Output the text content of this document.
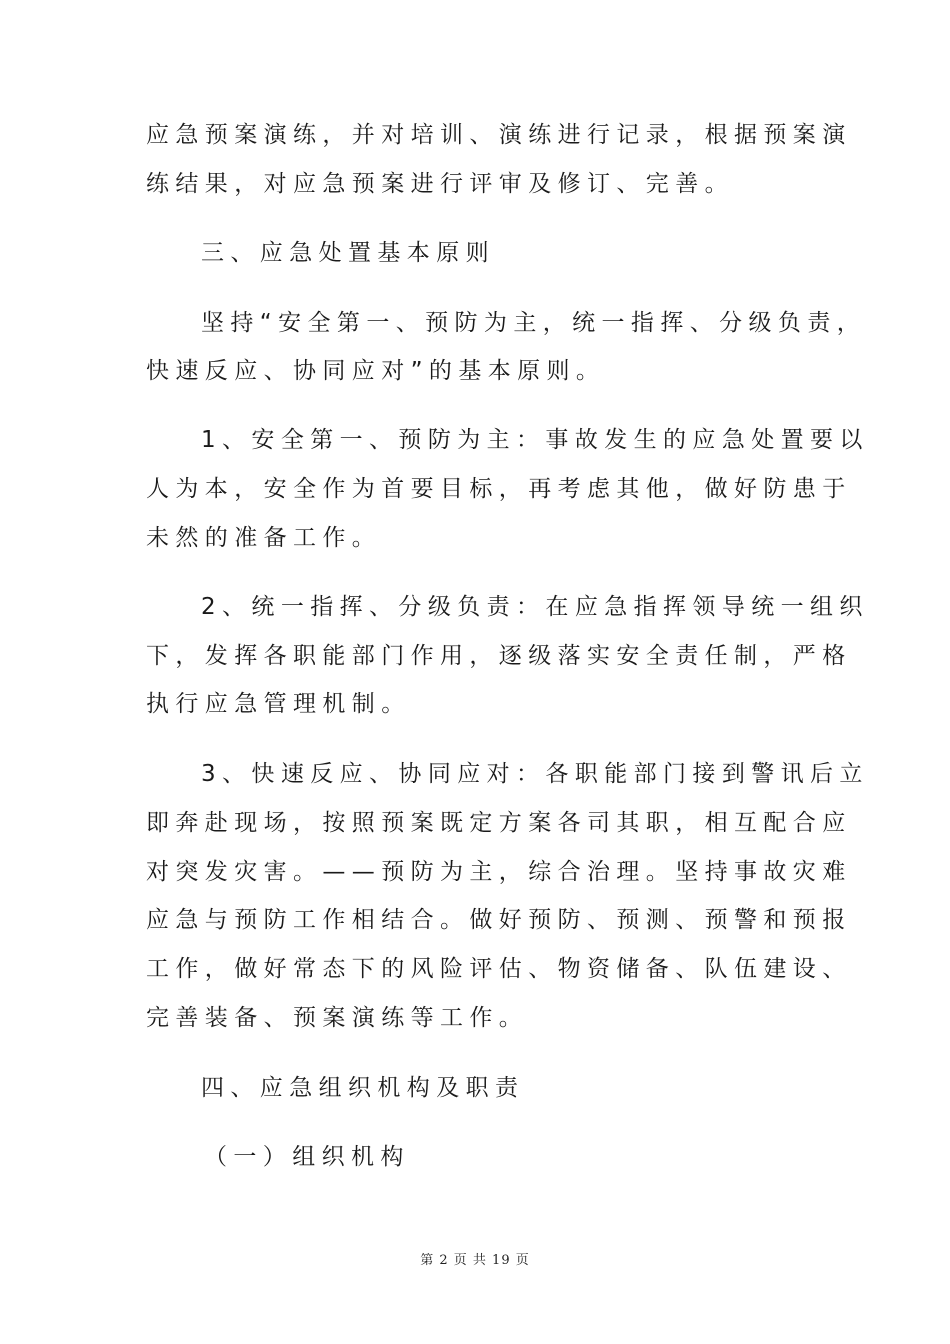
应急预案演练，并对培训、演练进行记录，根据预案演
练结果，对应急预案进行评审及修订、完善。
三、应急处置基本原则
坚持“安全第一、预防为主，统一指挥、分级负责，
快速反应、协同应对”的基本原则。
1、安全第一、预防为主：事故发生的应急处置要以
人为本，安全作为首要目标，再考虑其他，做好防患于
未然的准备工作。
2、统一指挥、分级负责：在应急指挥领导统一组织
下，发挥各职能部门作用，逐级落实安全责任制，严格
执行应急管理机制。
3、快速反应、协同应对：各职能部门接到警讯后立
即奔赴现场，按照预案既定方案各司其职，相互配合应
对突发灾害。——预防为主，综合治理。坚持事故灾难
应急与预防工作相结合。做好预防、预测、预警和预报
工作，做好常态下的风险评估、物资储备、队伍建设、
完善装备、预案演练等工作。
四、应急组织机构及职责
（一）组织机构
第 2 页 共 19 页
